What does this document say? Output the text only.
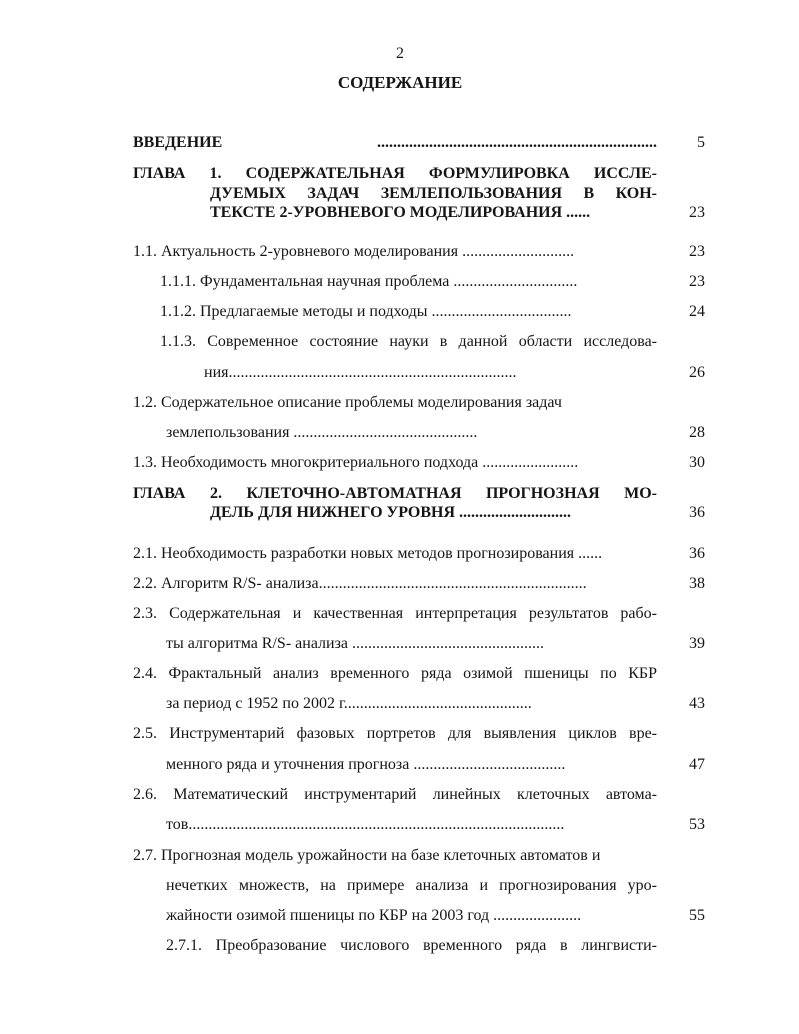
2
СОДЕРЖАНИЕ
ВВЕДЕНИЕ ......................................................................	5
ГЛАВА 1. СОДЕРЖАТЕЛЬНАЯ ФОРМУЛИРОВКА ИССЛЕ-
ДУЕМЫХ ЗАДАЧ ЗЕМЛЕПОЛЬЗОВАНИЯ В КОН-
ТЕКСТЕ 2-УРОВНЕВОГО МОДЕЛИРОВАНИЯ ......	23
1.1. Актуальность 2-уровневого моделирования ............................	23
1.1.1. Фундаментальная научная проблема ...............................	23
1.1.2. Предлагаемые методы и подходы ...................................	24
1.1.3. Современное состояние науки в данной области исследова-
ния........................................................................	26
1.2. Содержательное описание проблемы моделирования задач
землепользования ..............................................	28
1.3. Необходимость многокритериального подхода ........................	30
ГЛАВА 2. КЛЕТОЧНО-АВТОМАТНАЯ ПРОГНОЗНАЯ МО-
ДЕЛЬ ДЛЯ НИЖНЕГО УРОВНЯ ............................	36
2.1. Необходимость разработки новых методов прогнозирования ......	36
2.2. Алгоритм R/S- анализа...................................................................	38
2.3. Содержательная и качественная интерпретация результатов рабо-
ты алгоритма R/S- анализа ................................................	39
2.4. Фрактальный анализ временного ряда озимой пшеницы по КБР
за период с 1952 по 2002 г...............................................	43
2.5. Инструментарий фазовых портретов для выявления циклов вре-
менного ряда и уточнения прогноза ......................................	47
2.6. Математический инструментарий линейных клеточных автома-
тов..............................................................................................	53
2.7. Прогнозная модель урожайности на базе клеточных автоматов и
нечетких множеств, на примере анализа и прогнозирования уро-
жайности озимой пшеницы по КБР на 2003 год ......................	55
2.7.1. Преобразование числового временного ряда в лингвисти-
